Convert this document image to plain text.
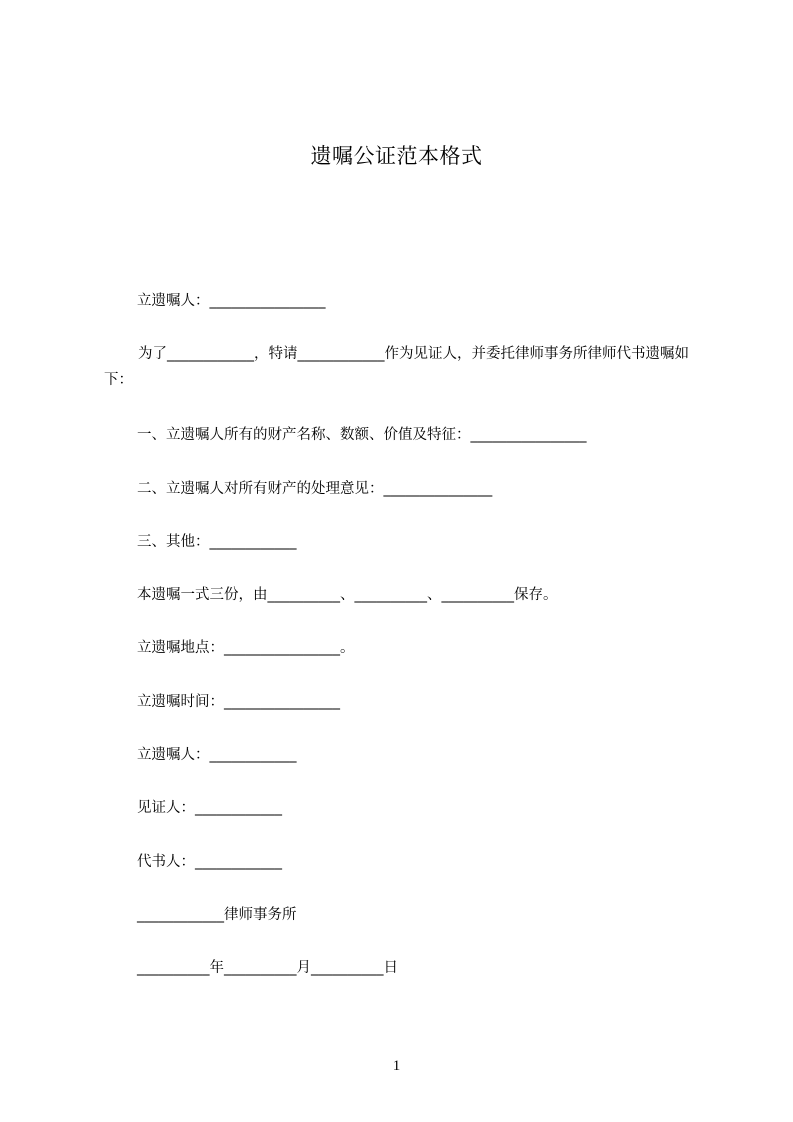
遗嘱公证范本格式
立遗嘱人：________________
为了____________，特请____________作为见证人，并委托律师事务所律师代书遗嘱如下：
一、立遗嘱人所有的财产名称、数额、价值及特征：________________
二、立遗嘱人对所有财产的处理意见：_______________
三、其他：____________
本遗嘱一式三份，由__________、__________、__________保存。
立遗嘱地点：________________。
立遗嘱时间：________________
立遗嘱人：____________
见证人：____________
代书人：____________
____________律师事务所
__________年__________月__________日
1
